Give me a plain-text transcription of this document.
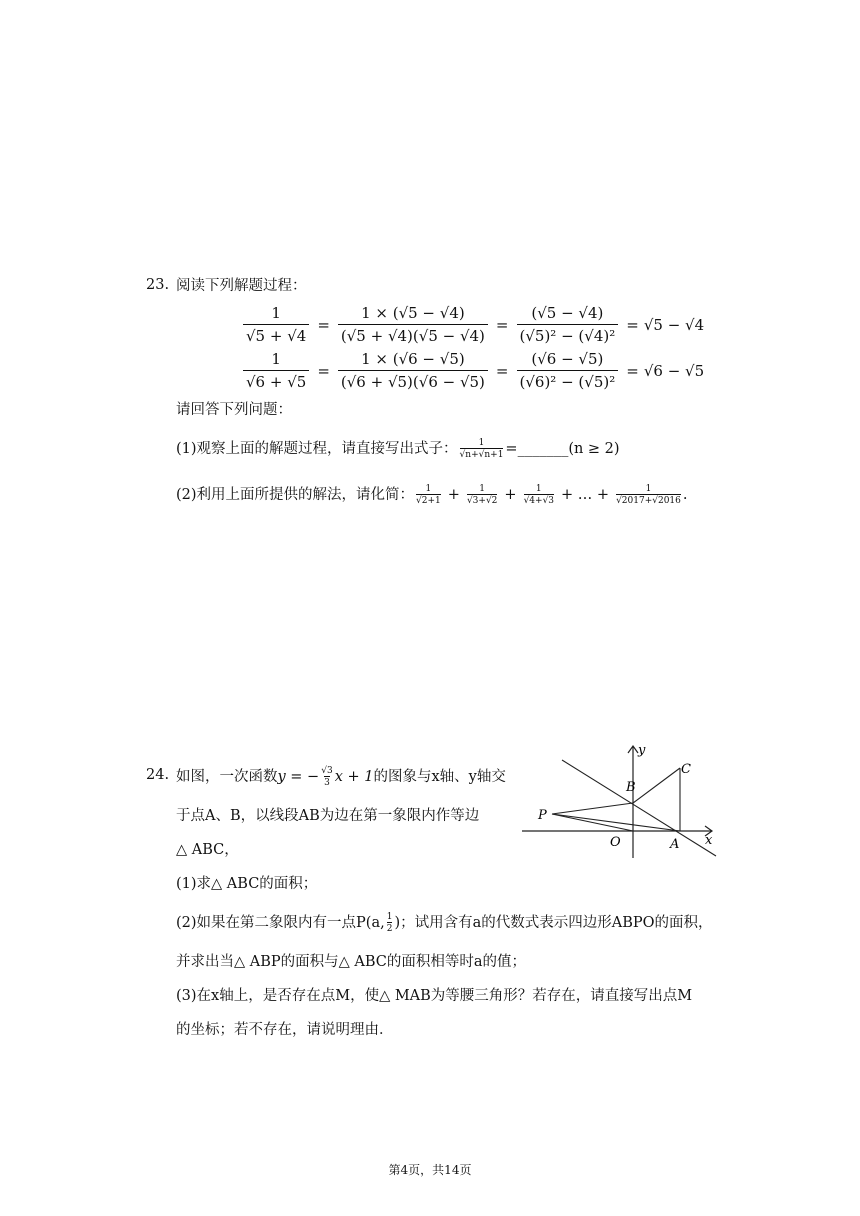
23. 阅读下列解题过程：
$\frac{1}{√5 + √4} = \frac{1 \times (√5 - √4)}{(√5 + √4)(√5 - √4)} = \frac{(√5 - √4)}{\text{(√5)² − (√4)²}} = √5 - √4$
$\frac{1}{√6 + √5} = \frac{1 \times (√6 - √5)}{(√6 + √5)(√6 - √5)} = \frac{(√6 - √5)}{\text{(√6)² − (√5)²}} = √6 - √5$
请回答下列问题：
(1)观察上面的解题过程，请直接写出式子： $\frac{1}{√n+√n+1}$ =_______(n ≥ 2)
(2)利用上面所提供的解法，请化简： 1
$√2+1 + \frac{1}{√3+√2} + \frac{1}{√4+√3}$ + … + $\frac{1}{√2017+√2016}$ .
24. 如图，一次函数 y = − $\frac{√3}{3}$ x + 1 的图象与x轴、y轴交
于点A、B，以线段AB为边在第一象限内作等边
△ ABC，
(1)求△ ABC的面积；
(2)如果在第二象限内有一点P(a, 1
2 )；试用含有a的代数式表示四边形ABPO的面积，
并求出当△ ABP的面积与△ ABC的面积相等时a的值；
(3)在x轴上，是否存在点M，使△ MAB为等腰三角形？若存在，请直接写出点M
的坐标；若不存在，请说明理由．
y
x
B
C
P
O	A
第4页，共14页
